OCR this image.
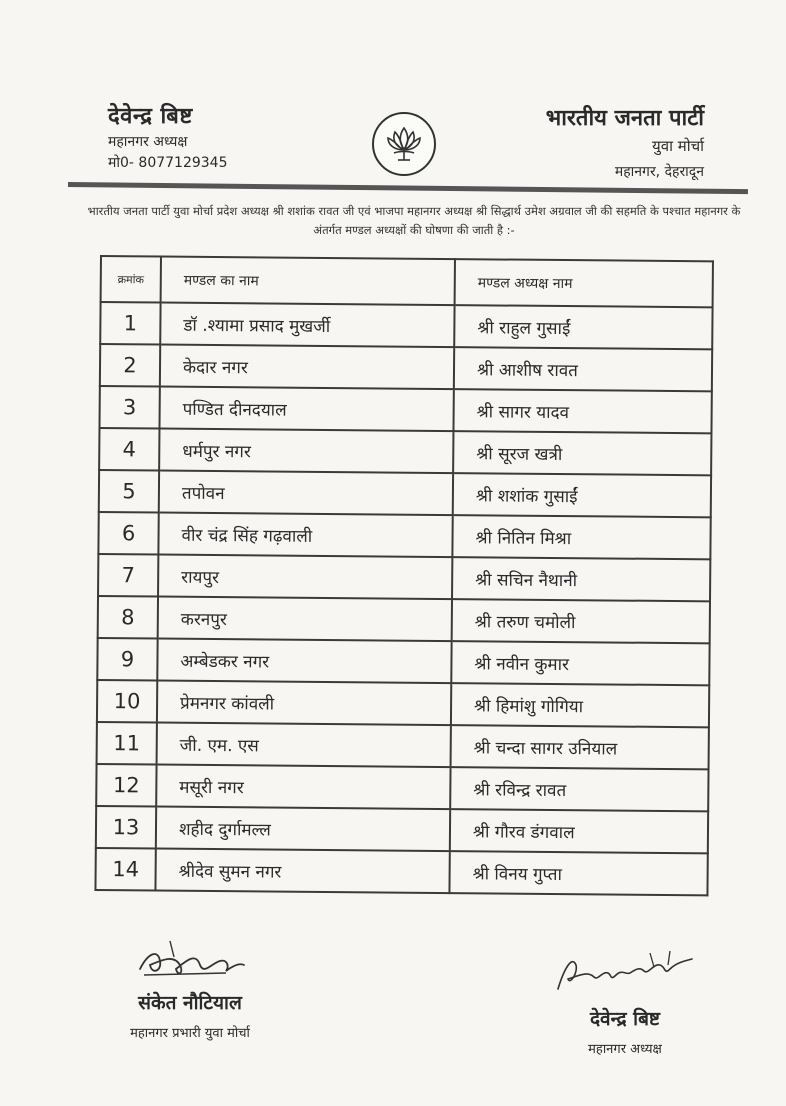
देवेन्द्र बिष्ट
महानगर अध्यक्ष
मो0- 8077129345
भारतीय जनता पार्टी
युवा मोर्चा
महानगर, देहरादून
भारतीय जनता पार्टी युवा मोर्चा प्रदेश अध्यक्ष श्री शशांक रावत जी एवं भाजपा महानगर अध्यक्ष श्री सिद्धार्थ उमेश अग्रवाल जी की सहमति के पश्चात महानगर के अंतर्गत मण्डल अध्यक्षों की घोषणा की जाती है :-
क्रमांक	मण्डल का नाम	मण्डल अध्यक्ष नाम
1	डॉ .श्यामा प्रसाद मुखर्जी	श्री राहुल गुसाईं
2	केदार नगर	श्री आशीष रावत
3	पण्डित दीनदयाल	श्री सागर यादव
4	धर्मपुर नगर	श्री सूरज खत्री
5	तपोवन	श्री शशांक गुसाईं
6	वीर चंद्र सिंह गढ़वाली	श्री नितिन मिश्रा
7	रायपुर	श्री सचिन नैथानी
8	करनपुर	श्री तरुण चमोली
9	अम्बेडकर नगर	श्री नवीन कुमार
10	प्रेमनगर कांवली	श्री हिमांशु गोगिया
11	जी. एम. एस	श्री चन्दा सागर उनियाल
12	मसूरी नगर	श्री रविन्द्र रावत
13	शहीद दुर्गामल्ल	श्री गौरव डंगवाल
14	श्रीदेव सुमन नगर	श्री विनय गुप्ता
संकेत नौटियाल
महानगर प्रभारी युवा मोर्चा
देवेन्द्र बिष्ट
महानगर अध्यक्ष
